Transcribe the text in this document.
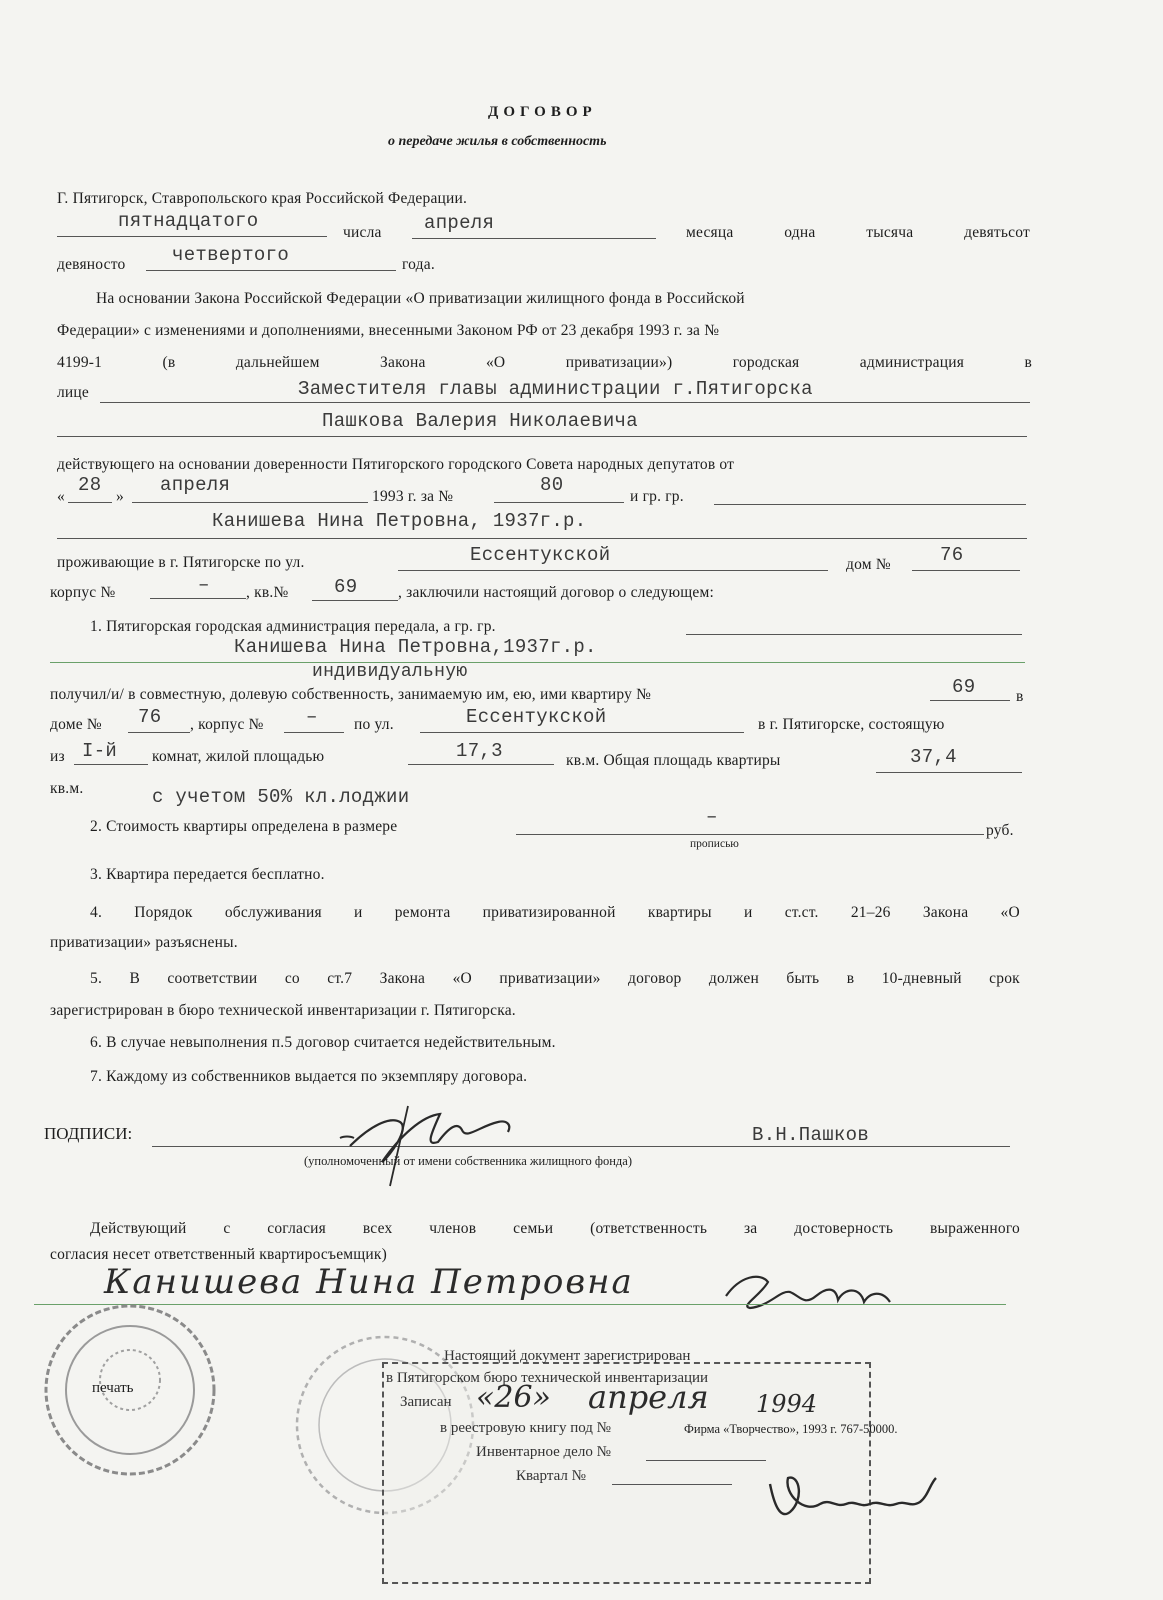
ДОГОВОР
о передаче жилья в собственность
Г. Пятигорск, Ставропольского края Российской Федерации.
пятнадцатого
числа апреля	месяца	одна	тысяча	девятьсот
девяносто четвертого	года.
На основании Закона Российской Федерации «О приватизации жилищного фонда в Российской
Федерации» с изменениями и дополнениями, внесенными Законом РФ от 23 декабря 1993 г. за №
4199-1	(в	дальнейшем	Закона	«О	приватизации»)	городская	администрация	в
лице	Заместителя главы администрации г.Пятигорска
Пашкова Валерия Николаевича
действующего на основании доверенности Пятигорского городского Совета народных депутатов от
«
28
»
апреля
1993 г. за №
80
и гр. гр.
Канишева Нина Петровна, 1937г.р.
проживающие в г. Пятигорске по ул.	Ессентукской	дом №	76
корпус №	– , кв.№ 69	, заключили настоящий договор о следующем:
1. Пятигорская городская администрация передала, а гр. гр.
Канишева Нина Петровна,1937г.р.
индивидуальную
получил/и/ в совместную, долевую собственность, занимаемую им, ею, ими квартиру №	69	в
доме № 76 , корпус № – по ул.	Ессентукской	в г. Пятигорске, состоящую
из I-й комнат, жилой площадью	17,3	кв.м. Общая площадь квартиры	37,4
кв.м.	с учетом 50% кл.лоджии
2. Стоимость квартиры определена в размере	–
руб.
прописью
3. Квартира передается бесплатно.
4. Порядок обслуживания и ремонта приватизированной квартиры и ст.ст. 21–26 Закона «О
приватизации» разъяснены.
5. В соответствии со ст.7 Закона «О приватизации» договор должен быть в 10-дневный срок
зарегистрирован в бюро технической инвентаризации г. Пятигорска.
6. В случае невыполнения п.5 договор считается недействительным.
7. Каждому из собственников выдается по экземпляру договора.
ПОДПИСИ:	В.Н.Пашков
(уполномоченный от имени собственника жилищного фонда)
Действующий с согласия всех членов семьи (ответственность за достоверность выраженного
согласия несет ответственный квартиросъемщик)
Канишева Нина Петровна
печать
Настоящий документ зарегистрирован
в Пятигорском бюро технической инвентаризации
Записан «26» апреля 1994
в реестровую книгу под №
Инвентарное дело №
Квартал №
Фирма «Творчество», 1993 г. 767-50000.
